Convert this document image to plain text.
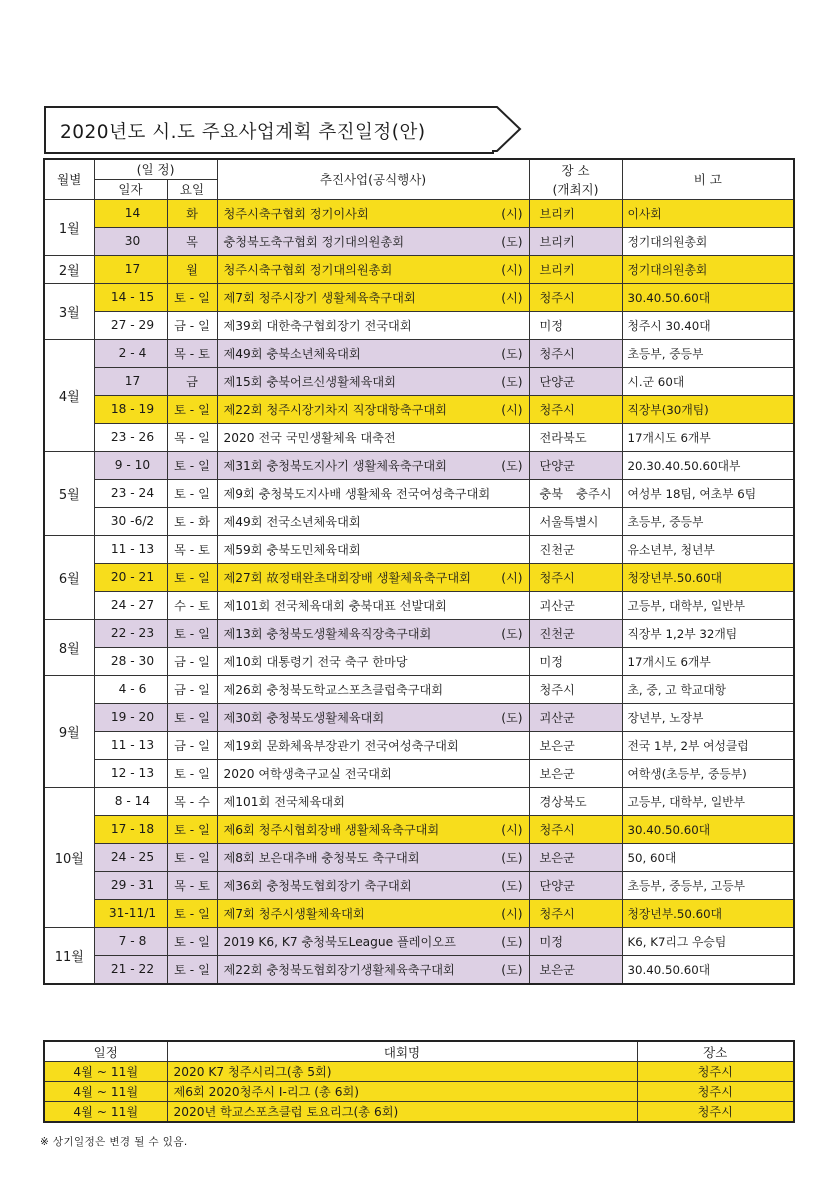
2020년도 시.도 주요사업계획 추진일정(안)
월별	(일 정)		추진사업(공식행사)	장 소	비 고
	일자	요일		(개최지)	
1월	14	화	청주시축구협회 정기이사회 (시)	브리키	이사회
	30	목	충청북도축구협회 정기대의원총회 (도)	브리키	정기대의원총회
2월	17	월	청주시축구협회 정기대의원총회 (시)	브리키	정기대의원총회
3월	14 - 15	토 - 일	제7회 청주시장기 생활체육축구대회 (시)	청주시	30.40.50.60대
	27 - 29	금 - 일	제39회 대한축구협회장기 전국대회	미정	청주시 30.40대
4월	2 - 4	목 - 토	제49회 충북소년체육대회 (도)	청주시	초등부, 중등부
	17	금	제15회 충북어르신생활체육대회 (도)	단양군	시.군 60대
	18 - 19	토 - 일	제22회 청주시장기차지 직장대항축구대회 (시)	청주시	직장부(30개팀)
	23 - 26	목 - 일	2020 전국 국민생활체육 대축전	전라북도	17개시도 6개부
5월	9 - 10	토 - 일	제31회 충청북도지사기 생활체육축구대회 (도)	단양군	20.30.40.50.60대부
	23 - 24	토 - 일	제9회 충청북도지사배 생활체육 전국여성축구대회	충북 충주시	여성부 18팀, 여초부 6팀
	30 -6/2	토 - 화	제49회 전국소년체육대회	서울특별시	초등부, 중등부
6월	11 - 13	목 - 토	제59회 충북도민체육대회	진천군	유소년부, 청년부
	20 - 21	토 - 일	제27회 故정태완초대회장배 생활체육축구대회 (시)	청주시	청장년부.50.60대
	24 - 27	수 - 토	제101회 전국체육대회 충북대표 선발대회	괴산군	고등부, 대학부, 일반부
8월	22 - 23	토 - 일	제13회 충청북도생활체육직장축구대회 (도)	진천군	직장부 1,2부 32개팀
	28 - 30	금 - 일	제10회 대통령기 전국 축구 한마당	미정	17개시도 6개부
9월	4 - 6	금 - 일	제26회 충청북도학교스포츠클럽축구대회	청주시	초, 중, 고 학교대항
	19 - 20	토 - 일	제30회 충청북도생활체육대회 (도)	괴산군	장년부, 노장부
	11 - 13	금 - 일	제19회 문화체육부장관기 전국여성축구대회	보은군	전국 1부, 2부 여성클럽
	12 - 13	토 - 일	2020 여학생축구교실 전국대회	보은군	여학생(초등부, 중등부)
10월	8 - 14	목 - 수	제101회 전국체육대회	경상북도	고등부, 대학부, 일반부
	17 - 18	토 - 일	제6회 청주시협회장배 생활체육축구대회 (시)	청주시	30.40.50.60대
	24 - 25	토 - 일	제8회 보은대추배 충청북도 축구대회 (도)	보은군	50, 60대
	29 - 31	목 - 토	제36회 충청북도협회장기 축구대회 (도)	단양군	초등부, 중등부, 고등부
	31-11/1	토 - 일	제7회 청주시생활체육대회 (시)	청주시	청장년부.50.60대
11월	7 - 8	토 - 일	2019 K6, K7 충청북도League 플레이오프 (도)	미정	K6, K7리그 우승팀
	21 - 22	토 - 일	제22회 충청북도협회장기생활체육축구대회 (도)	보은군	30.40.50.60대
일정	대회명	장소
4월 ~ 11월	2020 K7 청주시리그(총 5회)	청주시
4월 ~ 11월	제6회 2020청주시 I-리그 (총 6회)	청주시
4월 ~ 11월	2020년 학교스포츠클럽 토요리그(총 6회)	청주시
※ 상기일정은 변경 될 수 있음.
